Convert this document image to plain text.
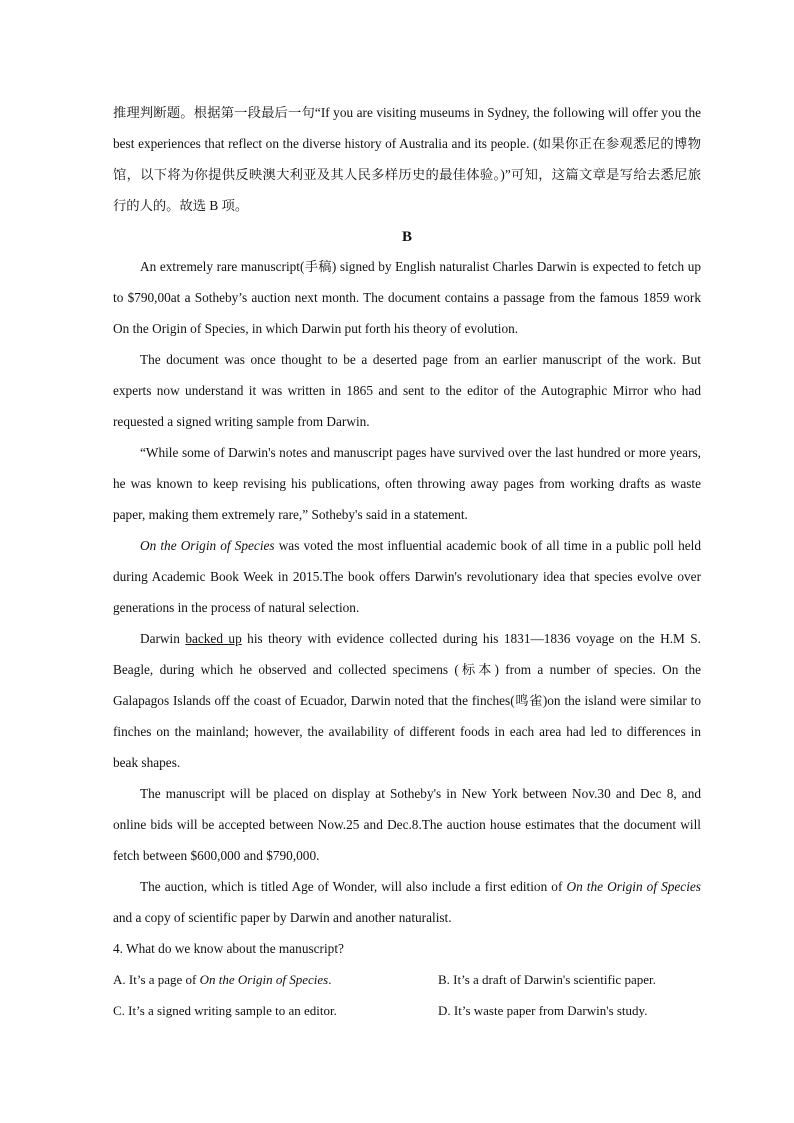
推理判断题。根据第一段最后一句“If you are visiting museums in Sydney, the following will offer you the best experiences that reflect on the diverse history of Australia and its people. (如果你正在参观悉尼的博物馆，以下将为你提供反映澳大利亚及其人民多样历史的最佳体验。)”可知，这篇文章是写给去悉尼旅行的人的。故选 B 项。

B

An extremely rare manuscript(手稿) signed by English naturalist Charles Darwin is expected to fetch up to $790,00at a Sotheby’s auction next month. The document contains a passage from the famous 1859 work On the Origin of Species, in which Darwin put forth his theory of evolution.

The document was once thought to be a deserted page from an earlier manuscript of the work. But experts now understand it was written in 1865 and sent to the editor of the Autographic Mirror who had requested a signed writing sample from Darwin.

“While some of Darwin's notes and manuscript pages have survived over the last hundred or more years, he was known to keep revising his publications, often throwing away pages from working drafts as waste paper, making them extremely rare,” Sotheby's said in a statement.

On the Origin of Species was voted the most influential academic book of all time in a public poll held during Academic Book Week in 2015.The book offers Darwin's revolutionary idea that species evolve over generations in the process of natural selection.

Darwin backed up his theory with evidence collected during his 1831—1836 voyage on the H.M S. Beagle, during which he observed and collected specimens (标本) from a number of species. On the Galapagos Islands off the coast of Ecuador, Darwin noted that the finches(鸣雀)on the island were similar to finches on the mainland; however, the availability of different foods in each area had led to differences in beak shapes.

The manuscript will be placed on display at Sotheby's in New York between Nov.30 and Dec 8, and online bids will be accepted between Now.25 and Dec.8.The auction house estimates that the document will fetch between $600,000 and $790,000.

The auction, which is titled Age of Wonder, will also include a first edition of On the Origin of Species and a copy of scientific paper by Darwin and another naturalist.

4. What do we know about the manuscript?

A. It’s a page of On the Origin of Species.	B. It’s a draft of Darwin's scientific paper.
C. It’s a signed writing sample to an editor.	D. It’s waste paper from Darwin's study.
